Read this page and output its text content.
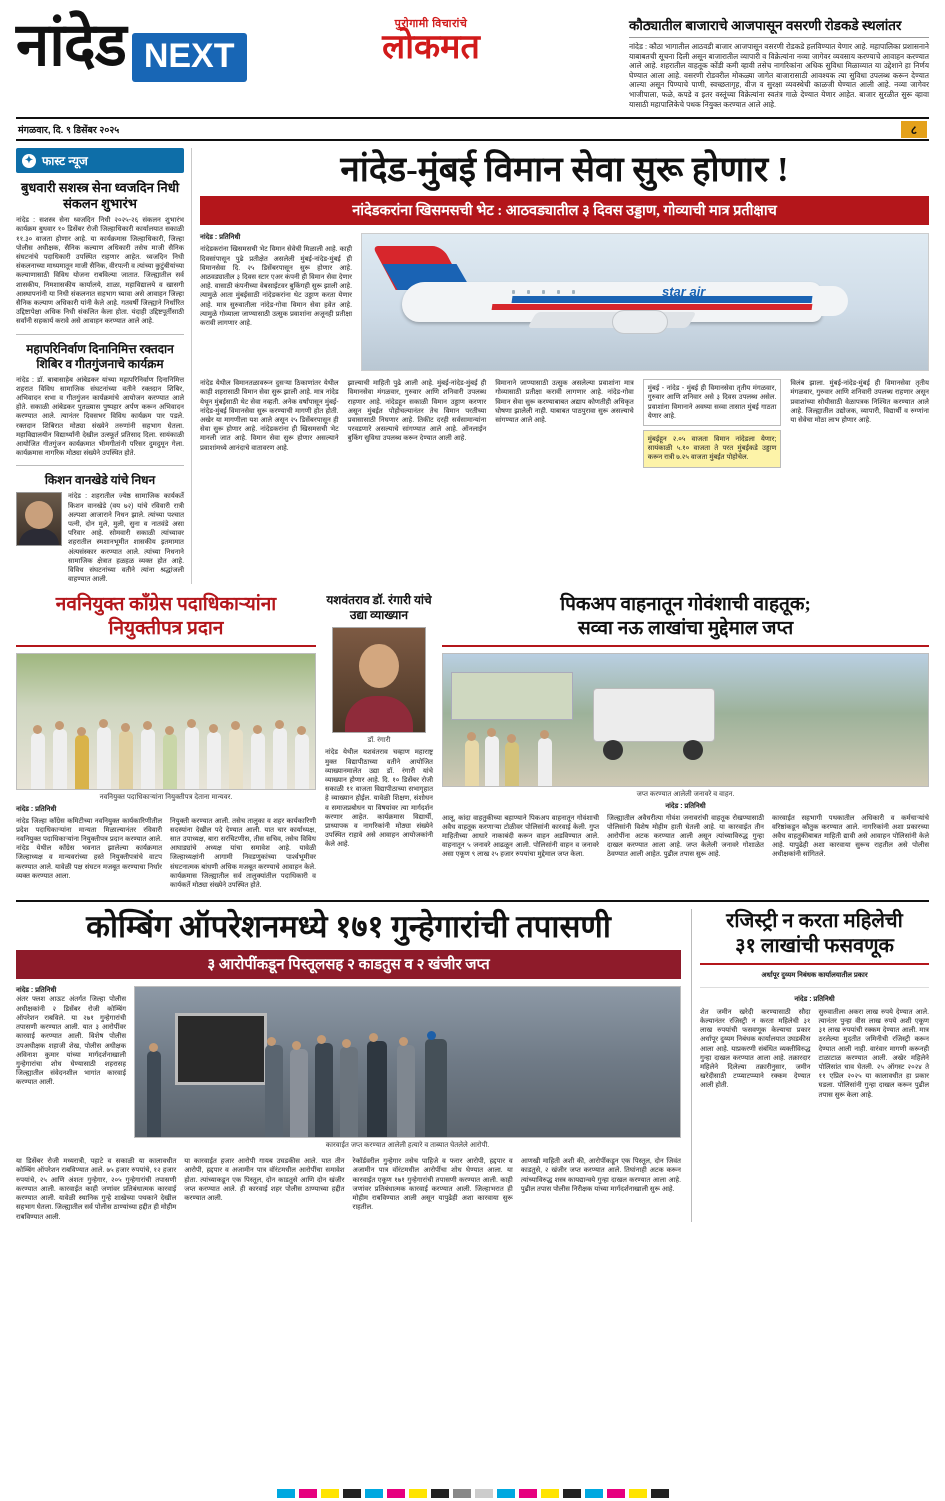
नांदेड NEXT
पुरोगामी विचारांचे
लोकमत
कौठ्यातील बाजाराचे आजपासून वसरणी रोडकडे स्थलांतर
नांदेड : कौठा भागातील आठवडी बाजार आजपासून वसरणी रोडकडे हलविण्यात येणार आहे. महापालिका प्रशासनाने याबाबतची सूचना दिली असून बाजारातील व्यापारी व विक्रेत्यांना नव्या जागेवर व्यवसाय करण्याचे आवाहन करण्यात आले आहे. शहरातील वाहतूक कोंडी कमी व्हावी तसेच नागरिकांना अधिक सुविधा मिळाव्यात या उद्देशाने हा निर्णय घेण्यात आला आहे. वसरणी रोडवरील मोकळ्या जागेत बाजारासाठी आवश्यक त्या सुविधा उपलब्ध करून देण्यात आल्या असून पिण्याचे पाणी, स्वच्छतागृह, वीज व सुरक्षा व्यवस्थेची काळजी घेण्यात आली आहे. नव्या जागेवर भाजीपाला, फळे, कपडे व इतर वस्तूंच्या विक्रेत्यांना स्वतंत्र गाळे देण्यात येणार आहेत. बाजार सुरळीत सुरू व्हावा यासाठी महापालिकेचे पथक नियुक्त करण्यात आले आहे.
मंगळवार, दि. ९ डिसेंबर २०२५	८
✦ फास्ट न्यूज
बुधवारी सशस्त्र सेना ध्वजदिन निधी संकलन शुभारंभ
नांदेड : सशस्त्र सेना ध्वजदिन निधी २०२५-२६ संकलन शुभारंभ कार्यक्रम बुधवार १० डिसेंबर रोजी जिल्हाधिकारी कार्यालयात सकाळी ११.३० वाजता होणार आहे. या कार्यक्रमास जिल्हाधिकारी, जिल्हा पोलीस अधीक्षक, सैनिक कल्याण अधिकारी तसेच माजी सैनिक संघटनांचे पदाधिकारी उपस्थित राहणार आहेत. ध्वजदिन निधी संकलनाच्या माध्यमातून माजी सैनिक, वीरपत्नी व त्यांच्या कुटुंबीयांच्या कल्याणासाठी विविध योजना राबविल्या जातात. जिल्ह्यातील सर्व शासकीय, निमशासकीय कार्यालये, शाळा, महाविद्यालये व खासगी आस्थापनांनी या निधी संकलनात सहभाग घ्यावा असे आवाहन जिल्हा सैनिक कल्याण अधिकारी यांनी केले आहे. गतवर्षी जिल्ह्याने निर्धारित उद्दिष्टापेक्षा अधिक निधी संकलित केला होता. यंदाही उद्दिष्टपूर्तीसाठी सर्वांनी सहकार्य करावे असे आवाहन करण्यात आले आहे.
महापरिनिर्वाण दिनानिमित्त रक्तदान शिबिर व गीतगुंजनाचे कार्यक्रम
नांदेड : डॉ. बाबासाहेब आंबेडकर यांच्या महापरिनिर्वाण दिनानिमित्त शहरात विविध सामाजिक संघटनांच्या वतीने रक्तदान शिबिर, अभिवादन सभा व गीतगुंजन कार्यक्रमांचे आयोजन करण्यात आले होते. सकाळी आंबेडकर पुतळ्यास पुष्पहार अर्पण करून अभिवादन करण्यात आले. त्यानंतर दिवसभर विविध कार्यक्रम पार पडले. रक्तदान शिबिरात मोठ्या संख्येने तरुणांनी सहभाग घेतला. महाविद्यालयीन विद्यार्थ्यांनी देखील उत्स्फूर्त प्रतिसाद दिला. सायंकाळी आयोजित गीतगुंजन कार्यक्रमात भीमगीतांनी परिसर दुमदुमून गेला. कार्यक्रमास नागरिक मोठ्या संख्येने उपस्थित होते.
किशन वानखेडे यांचे निधन
नांदेड : शहरातील ज्येष्ठ सामाजिक कार्यकर्ते किशन वानखेडे (वय ७२) यांचे रविवारी रात्री अल्पशा आजाराने निधन झाले. त्यांच्या पश्चात पत्नी, दोन मुले, मुली, सुना व नातवंडे असा परिवार आहे. सोमवारी सकाळी त्यांच्यावर शहरातील स्मशानभूमीत शासकीय इतमामात अंत्यसंस्कार करण्यात आले. त्यांच्या निधनाने सामाजिक क्षेत्रात हळहळ व्यक्त होत आहे. विविध संघटनांच्या वतीने त्यांना श्रद्धांजली वाहण्यात आली.
नांदेड-मुंबई विमान सेवा सुरू होणार !
नांदेडकरांना खिसमसची भेट : आठवड्यातील ३ दिवस उड्डाण, गोव्याची मात्र प्रतीक्षाच
नांदेड : प्रतिनिधी
नांदेडकरांना खिसमसची भेट विमान सेवेची मिळाली आहे. काही दिवसांपासून पुढे प्रतीक्षेत असलेली मुंबई-नांदेड-मुंबई ही विमानसेवा दि. २५ डिसेंबरपासून सुरू होणार आहे. आठवड्यातील ३ दिवस स्टार एअर कंपनी ही विमान सेवा देणार आहे. वासाठी कंपनीच्या वेबसाईटवर बुकिंगही सुरू झाली आहे. त्यामुळे आता मुंबईसाठी नांदेडकरांना थेट उड्डाण करता येणार आहे. मात्र सुरुवातीला नांदेड-गोवा विमान सेवा हवेत आहे. त्यामुळे गोव्याला जाण्यासाठी उत्सुक प्रवाशांना अजूनही प्रतीक्षा करावी लागणार आहे.
star air
नांदेड येथील विमानतळावरून दुसऱ्या ठिकाणांतर येथील काही शहरासाठी विमान सेवा सुरू झाली आहे. मात्र नांदेड येथून मुंबईसाठी थेट सेवा नव्हती. अनेक वर्षांपासून मुंबई-नांदेड-मुंबई विमानसेवा सुरू करण्याची मागणी होत होती. अखेर या मागणीला यश आले असून २५ डिसेंबरपासून ही सेवा सुरू होणार आहे. नांदेडकरांना ही खिसमसची भेट मानली जात आहे. विमान सेवा सुरू होणार असल्याने प्रवाशांमध्ये आनंदाचे वातावरण आहे.
झाल्याची माहिती पुढे आली आहे. मुंबई-नांदेड-मुंबई ही विमानसेवा मंगळवार, गुरुवार आणि शनिवारी उपलब्ध राहणार आहे. नांदेडहून सकाळी विमान उड्डाण करणार असून मुंबईत पोहोचल्यानंतर तेच विमान परतीच्या प्रवासासाठी निघणार आहे. तिकीट दरही सर्वसामान्यांना परवडणारे असल्याचे सांगण्यात आले आहे. ऑनलाईन बुकिंग सुविधा उपलब्ध करून देण्यात आली आहे.
विमानाने जाण्यासाठी उत्सुक असलेल्या प्रवाशांना मात्र गोव्यासाठी प्रतीक्षा करावी लागणार आहे. नांदेड-गोवा विमान सेवा सुरू करण्याबाबत अद्याप कोणतीही अधिकृत घोषणा झालेली नाही. याबाबत पाठपुरावा सुरू असल्याचे सांगण्यात आले आहे.
मुंबई - नांदेड - मुंबई ही विमानसेवा तृतीय मंगळवार, गुरुवार आणि शनिवार असे ३ दिवस उपलब्ध असेल. प्रवाशांना विमानाने अवघ्या सव्वा तासात मुंबई गाठता येणार आहे.
मुंबईहून २.०५ वाजता विमान नांदेडला येणार; सायंकाळी ५.१० वाजता ते परत मुंबईकडे उड्डाण करून रात्री ७.२५ वाजता मुंबईत पोहोचेल.
विलंब झाला. मुंबई-नांदेड-मुंबई ही विमानसेवा तृतीय मंगळवार, गुरुवार आणि शनिवारी उपलब्ध राहणार असून प्रवाशांच्या सोयीसाठी वेळापत्रक निश्चित करण्यात आले आहे. जिल्ह्यातील उद्योजक, व्यापारी, विद्यार्थी व रुग्णांना या सेवेचा मोठा लाभ होणार आहे.
नवनियुक्त काँग्रेस पदाधिकाऱ्यांना
नियुक्तीपत्र प्रदान
नवनियुक्त पदाधिकाऱ्यांना नियुक्तीपत्र देताना मान्यवर.
नांदेड : प्रतिनिधी
नांदेड जिल्हा काँग्रेस कमिटीच्या नवनियुक्त कार्यकारिणीतील प्रदेश पदाधिकाऱ्यांना मान्यता मिळाल्यानंतर रविवारी नवनियुक्त पदाधिकाऱ्यांना नियुक्तीपत्र प्रदान करण्यात आले. नांदेड येथील काँग्रेस भवनात झालेल्या कार्यक्रमात जिल्हाध्यक्ष व मान्यवरांच्या हस्ते नियुक्तीपत्रांचे वाटप करण्यात आले. यावेळी पक्ष संघटन मजबूत करण्याचा निर्धार व्यक्त करण्यात आला.
नियुक्ती करण्यात आली. तसेच तालुका व शहर कार्यकारिणी सदस्यांना देखील पदे देण्यात आली. यात चार कार्याध्यक्ष, सात उपाध्यक्ष, बारा सरचिटणीस, तीस सचिव, तसेच विविध आघाड्यांचे अध्यक्ष यांचा समावेश आहे. यावेळी जिल्हाध्यक्षांनी आगामी निवडणुकांच्या पार्श्वभूमीवर संघटनात्मक बांधणी अधिक मजबूत करण्याचे आवाहन केले. कार्यक्रमास जिल्ह्यातील सर्व तालुक्यांतील पदाधिकारी व कार्यकर्ते मोठ्या संख्येने उपस्थित होते.
यशवंतराव डॉ. रंगारी यांचे उद्या व्याख्यान
डॉ. रंगारी
नांदेड येथील यशवंतराव चव्हाण महाराष्ट्र मुक्त विद्यापीठाच्या वतीने आयोजित व्याख्यानमालेत उद्या डॉ. रंगारी यांचे व्याख्यान होणार आहे. दि. १० डिसेंबर रोजी सकाळी ११ वाजता विद्यापीठाच्या सभागृहात हे व्याख्यान होईल. यावेळी शिक्षण, संशोधन व समाजप्रबोधन या विषयांवर त्या मार्गदर्शन करणार आहेत. कार्यक्रमास विद्यार्थी, प्राध्यापक व नागरिकांनी मोठ्या संख्येने उपस्थित राहावे असे आवाहन आयोजकांनी केले आहे.
पिकअप वाहनातून गोवंशाची वाहतूक;
सव्वा नऊ लाखांचा मुद्देमाल जप्त
जप्त करण्यात आलेली जनावरे व वाहन.
नांदेड : प्रतिनिधी
आलू, कांदा वाहतुकीच्या बहाण्याने पिकअप वाहनातून गोवंशाची अवैध वाहतूक करणाऱ्या टोळीवर पोलिसांनी कारवाई केली. गुप्त माहितीच्या आधारे नाकाबंदी करून वाहन अडविण्यात आले. वाहनातून ५ जनावरे आढळून आली. पोलिसांनी वाहन व जनावरे असा एकूण ९ लाख २५ हजार रुपयांचा मुद्देमाल जप्त केला.
जिल्ह्यातील अवैधरीत्या गोवंश जनावरांची वाहतूक रोखण्यासाठी पोलिसांनी विशेष मोहीम हाती घेतली आहे. या कारवाईत तीन आरोपींना अटक करण्यात आली असून त्यांच्याविरुद्ध गुन्हा दाखल करण्यात आला आहे. जप्त केलेली जनावरे गोशाळेत ठेवण्यात आली आहेत. पुढील तपास सुरू आहे.
कारवाईत सहभागी पथकातील अधिकारी व कर्मचाऱ्यांचे वरिष्ठांकडून कौतुक करण्यात आले. नागरिकांनी अशा प्रकारच्या अवैध वाहतुकीबाबत माहिती द्यावी असे आवाहन पोलिसांनी केले आहे. यापुढेही अशा कारवाया सुरूच राहतील असे पोलीस अधीक्षकांनी सांगितले.
कोम्बिंग ऑपरेशनमध्ये १७१ गुन्हेगारांची तपासणी
३ आरोपींकडून पिस्तूलसह २ काडतुस व २ खंजीर जप्त
नांदेड : प्रतिनिधी
अंतर फ्लश आऊट अंतर्गत जिल्हा पोलीस अधीक्षकांनी २ डिसेंबर रोजी कोम्बिंग ऑपरेशन राबविले. या २७१ गुन्हेगारांची तपासणी करण्यात आली. यात ३ आरोपींवर कारवाई करण्यात आली. विशेष पोलीस उपअधीक्षक शहाजी शेख, पोलीस अधीक्षक अविनाश कुमार यांच्या मार्गदर्शनाखाली गुन्हेगारांचा शोध घेण्यासाठी शहरासह जिल्ह्यातील संवेदनशील भागांत कारवाई करण्यात आली.
कारवाईत जप्त करण्यात आलेली हत्यारे व ताब्यात घेतलेले आरोपी.
या डिसेंबर रोजी मध्यरात्री, पहाटे व सकाळी या कालावधीत कोम्बिंग ऑपरेशन राबविण्यात आले. ७५ हजार रुपयांचे, १२ हजार रुपयांचे, २५ आणि अंशतः गुन्हेगार, २०५ गुन्हेगारांची तपासणी करण्यात आली. कारवाईत काही जणांवर प्रतिबंधात्मक कारवाई करण्यात आली. यावेळी स्थानिक गुन्हे शाखेच्या पथकाने देखील सहभाग घेतला. जिल्ह्यातील सर्व पोलीस ठाण्यांच्या हद्दीत ही मोहीम राबविण्यात आली.
या कारवाईत हजार आरोपी गायब उघडकीस आले. यात तीन आरोपी, हद्दपार व अजामीन पात्र वॉरंटमधील आरोपींचा समावेश होता. त्यांच्याकडून एक पिस्तूल, दोन काडतुसे आणि दोन खंजीर जप्त करण्यात आले. ही कारवाई शहर पोलीस ठाण्याच्या हद्दीत करण्यात आली.
रेकॉर्डवरील गुन्हेगार तसेच पाहिजे व फरार आरोपी, हद्दपार व अजामीन पात्र वॉरंटमधील आरोपींचा शोध घेण्यात आला. या कारवाईत एकूण १७१ गुन्हेगारांची तपासणी करण्यात आली. काही जणांवर प्रतिबंधात्मक कारवाई करण्यात आली. जिल्हाभरात ही मोहीम राबविण्यात आली असून यापुढेही अशा कारवाया सुरू राहतील.
आणखी माहिती अशी की, आरोपींकडून एक पिस्तूल, दोन जिवंत काडतुसे, २ खंजीर जप्त करण्यात आले. तिघांनाही अटक करून त्यांच्याविरुद्ध शस्त्र कायद्यान्वये गुन्हा दाखल करण्यात आला आहे. पुढील तपास पोलीस निरीक्षक यांच्या मार्गदर्शनाखाली सुरू आहे.
रजिस्ट्री न करता महिलेची
३१ लाखांची फसवणूक
अर्धापूर दुय्यम निबंधक कार्यालयातील प्रकार
नांदेड : प्रतिनिधी
शेत जमीन खरेदी करण्यासाठी सौदा केल्यानंतर रजिस्ट्री न करता महिलेची ३१ लाख रुपयांची फसवणूक केल्याचा प्रकार अर्धापूर दुय्यम निबंधक कार्यालयात उघडकीस आला आहे. याप्रकरणी संबंधित व्यक्तीविरुद्ध गुन्हा दाखल करण्यात आला आहे. तक्रारदार महिलेने दिलेल्या तक्रारीनुसार, जमीन खरेदीसाठी टप्प्याटप्प्याने रक्कम देण्यात आली होती.
सुरुवातीला अकरा लाख रुपये देण्यात आले. त्यानंतर पुन्हा वीस लाख रुपये अशी एकूण ३१ लाख रुपयांची रक्कम देण्यात आली. मात्र ठरलेल्या मुदतीत जमिनीची रजिस्ट्री करून देण्यात आली नाही. वारंवार मागणी करूनही टाळाटाळ करण्यात आली. अखेर महिलेने पोलिसांत धाव घेतली. २५ ऑगस्ट २०२४ ते ११ एप्रिल २०२५ या कालावधीत हा प्रकार घडला. पोलिसांनी गुन्हा दाखल करून पुढील तपास सुरू केला आहे.
